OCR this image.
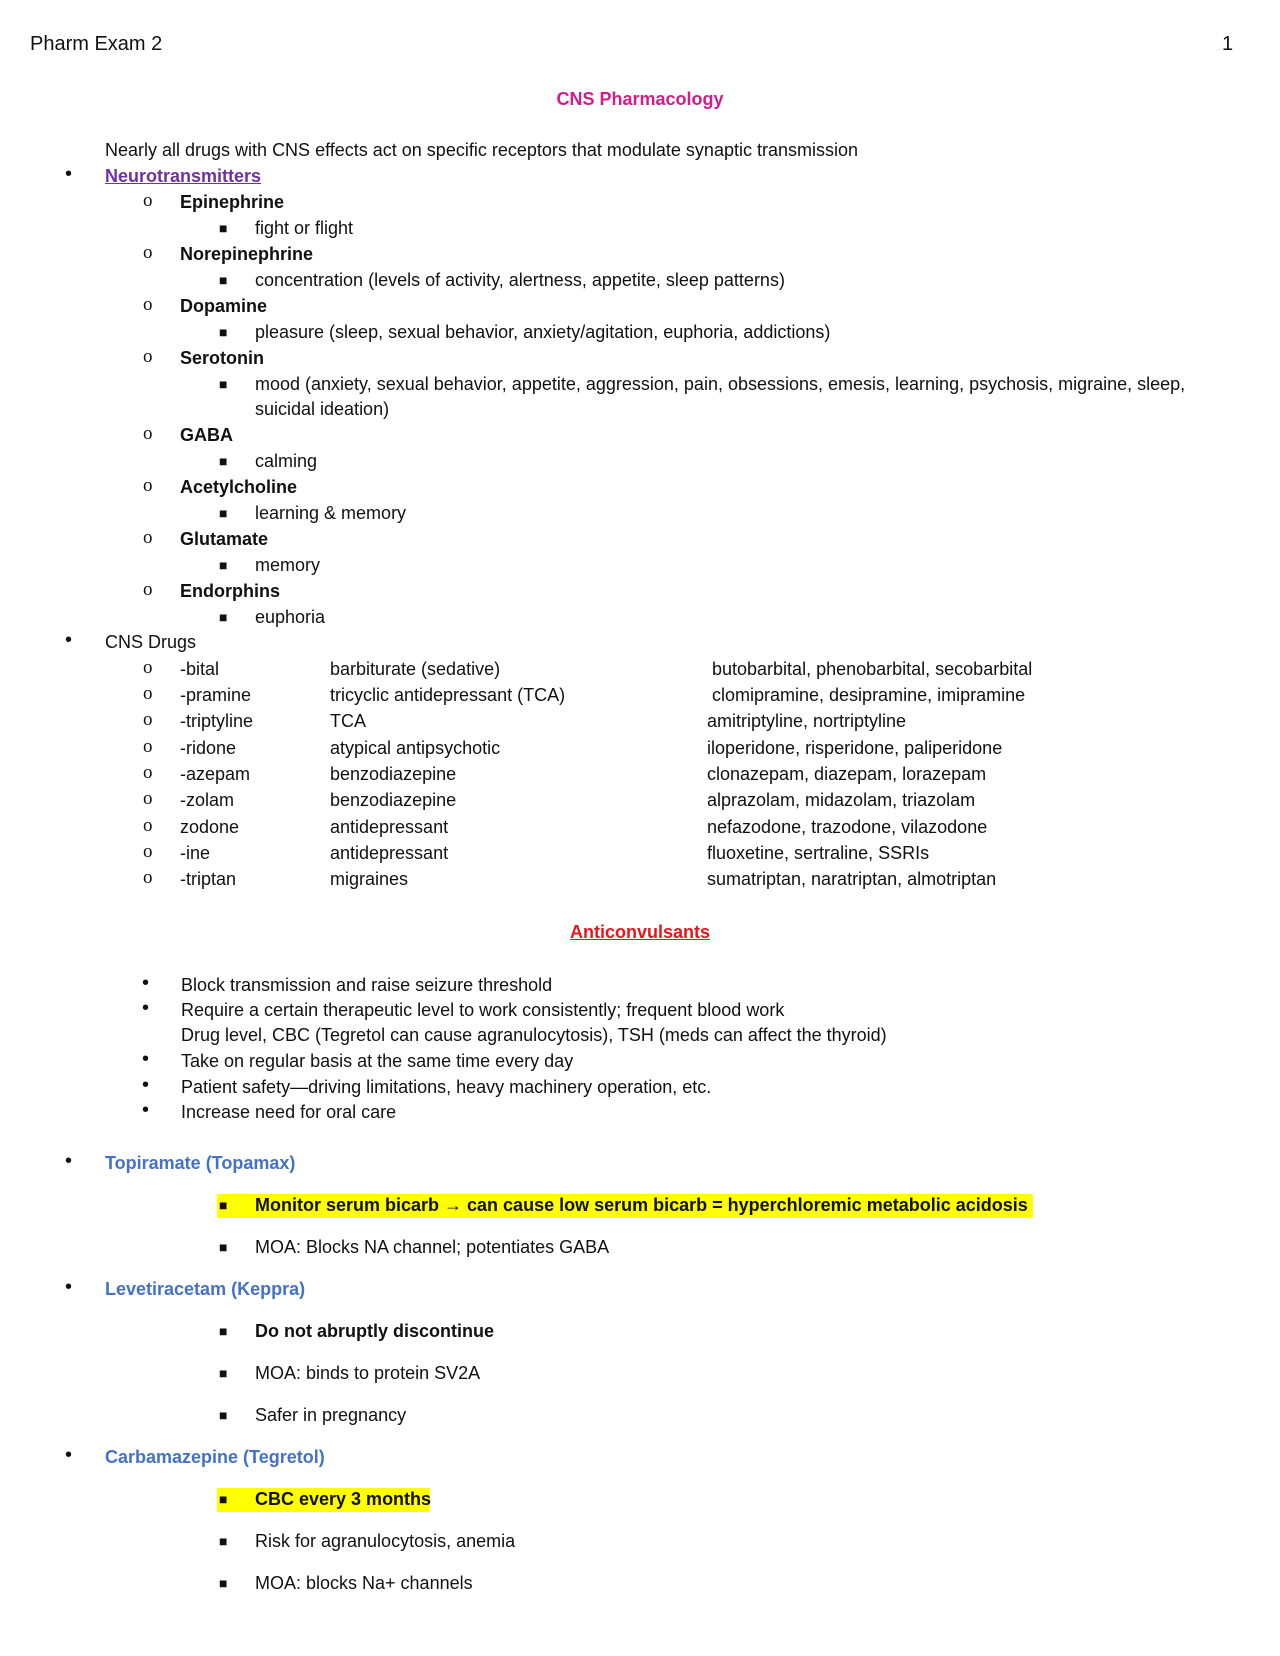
Pharm Exam 2	1
CNS Pharmacology
Nearly all drugs with CNS effects act on specific receptors that modulate synaptic transmission
• Neurotransmitters
o Epinephrine
■ fight or flight
o Norepinephrine
■ concentration (levels of activity, alertness, appetite, sleep patterns)
o Dopamine
■ pleasure (sleep, sexual behavior, anxiety/agitation, euphoria, addictions)
o Serotonin
■ mood (anxiety, sexual behavior, appetite, aggression, pain, obsessions, emesis, learning, psychosis, migraine, sleep,
suicidal ideation)
o GABA
■ calming
o Acetylcholine
■ learning & memory
o Glutamate
■ memory
o Endorphins
■ euphoria
• CNS Drugs
o -bital	barbiturate (sedative)	butobarbital, phenobarbital, secobarbital
o -pramine	tricyclic antidepressant (TCA)	clomipramine, desipramine, imipramine
o -triptyline	TCA	amitriptyline, nortriptyline
o -ridone	atypical antipsychotic	iloperidone, risperidone, paliperidone
o -azepam	benzodiazepine	clonazepam, diazepam, lorazepam
o -zolam	benzodiazepine	alprazolam, midazolam, triazolam
o zodone	antidepressant	nefazodone, trazodone, vilazodone
o -ine	antidepressant	fluoxetine, sertraline, SSRIs
o -triptan	migraines	sumatriptan, naratriptan, almotriptan
Anticonvulsants
• Block transmission and raise seizure threshold
• Require a certain therapeutic level to work consistently; frequent blood work
Drug level, CBC (Tegretol can cause agranulocytosis), TSH (meds can affect the thyroid)
• Take on regular basis at the same time every day
• Patient safety—driving limitations, heavy machinery operation, etc.
• Increase need for oral care
• Topiramate (Topamax)
■ Monitor serum bicarb → can cause low serum bicarb = hyperchloremic metabolic acidosis
■ MOA: Blocks NA channel; potentiates GABA
• Levetiracetam (Keppra)
■ Do not abruptly discontinue
■ MOA: binds to protein SV2A
■ Safer in pregnancy
• Carbamazepine (Tegretol)
■ CBC every 3 months
■ Risk for agranulocytosis, anemia
■ MOA: blocks Na+ channels
